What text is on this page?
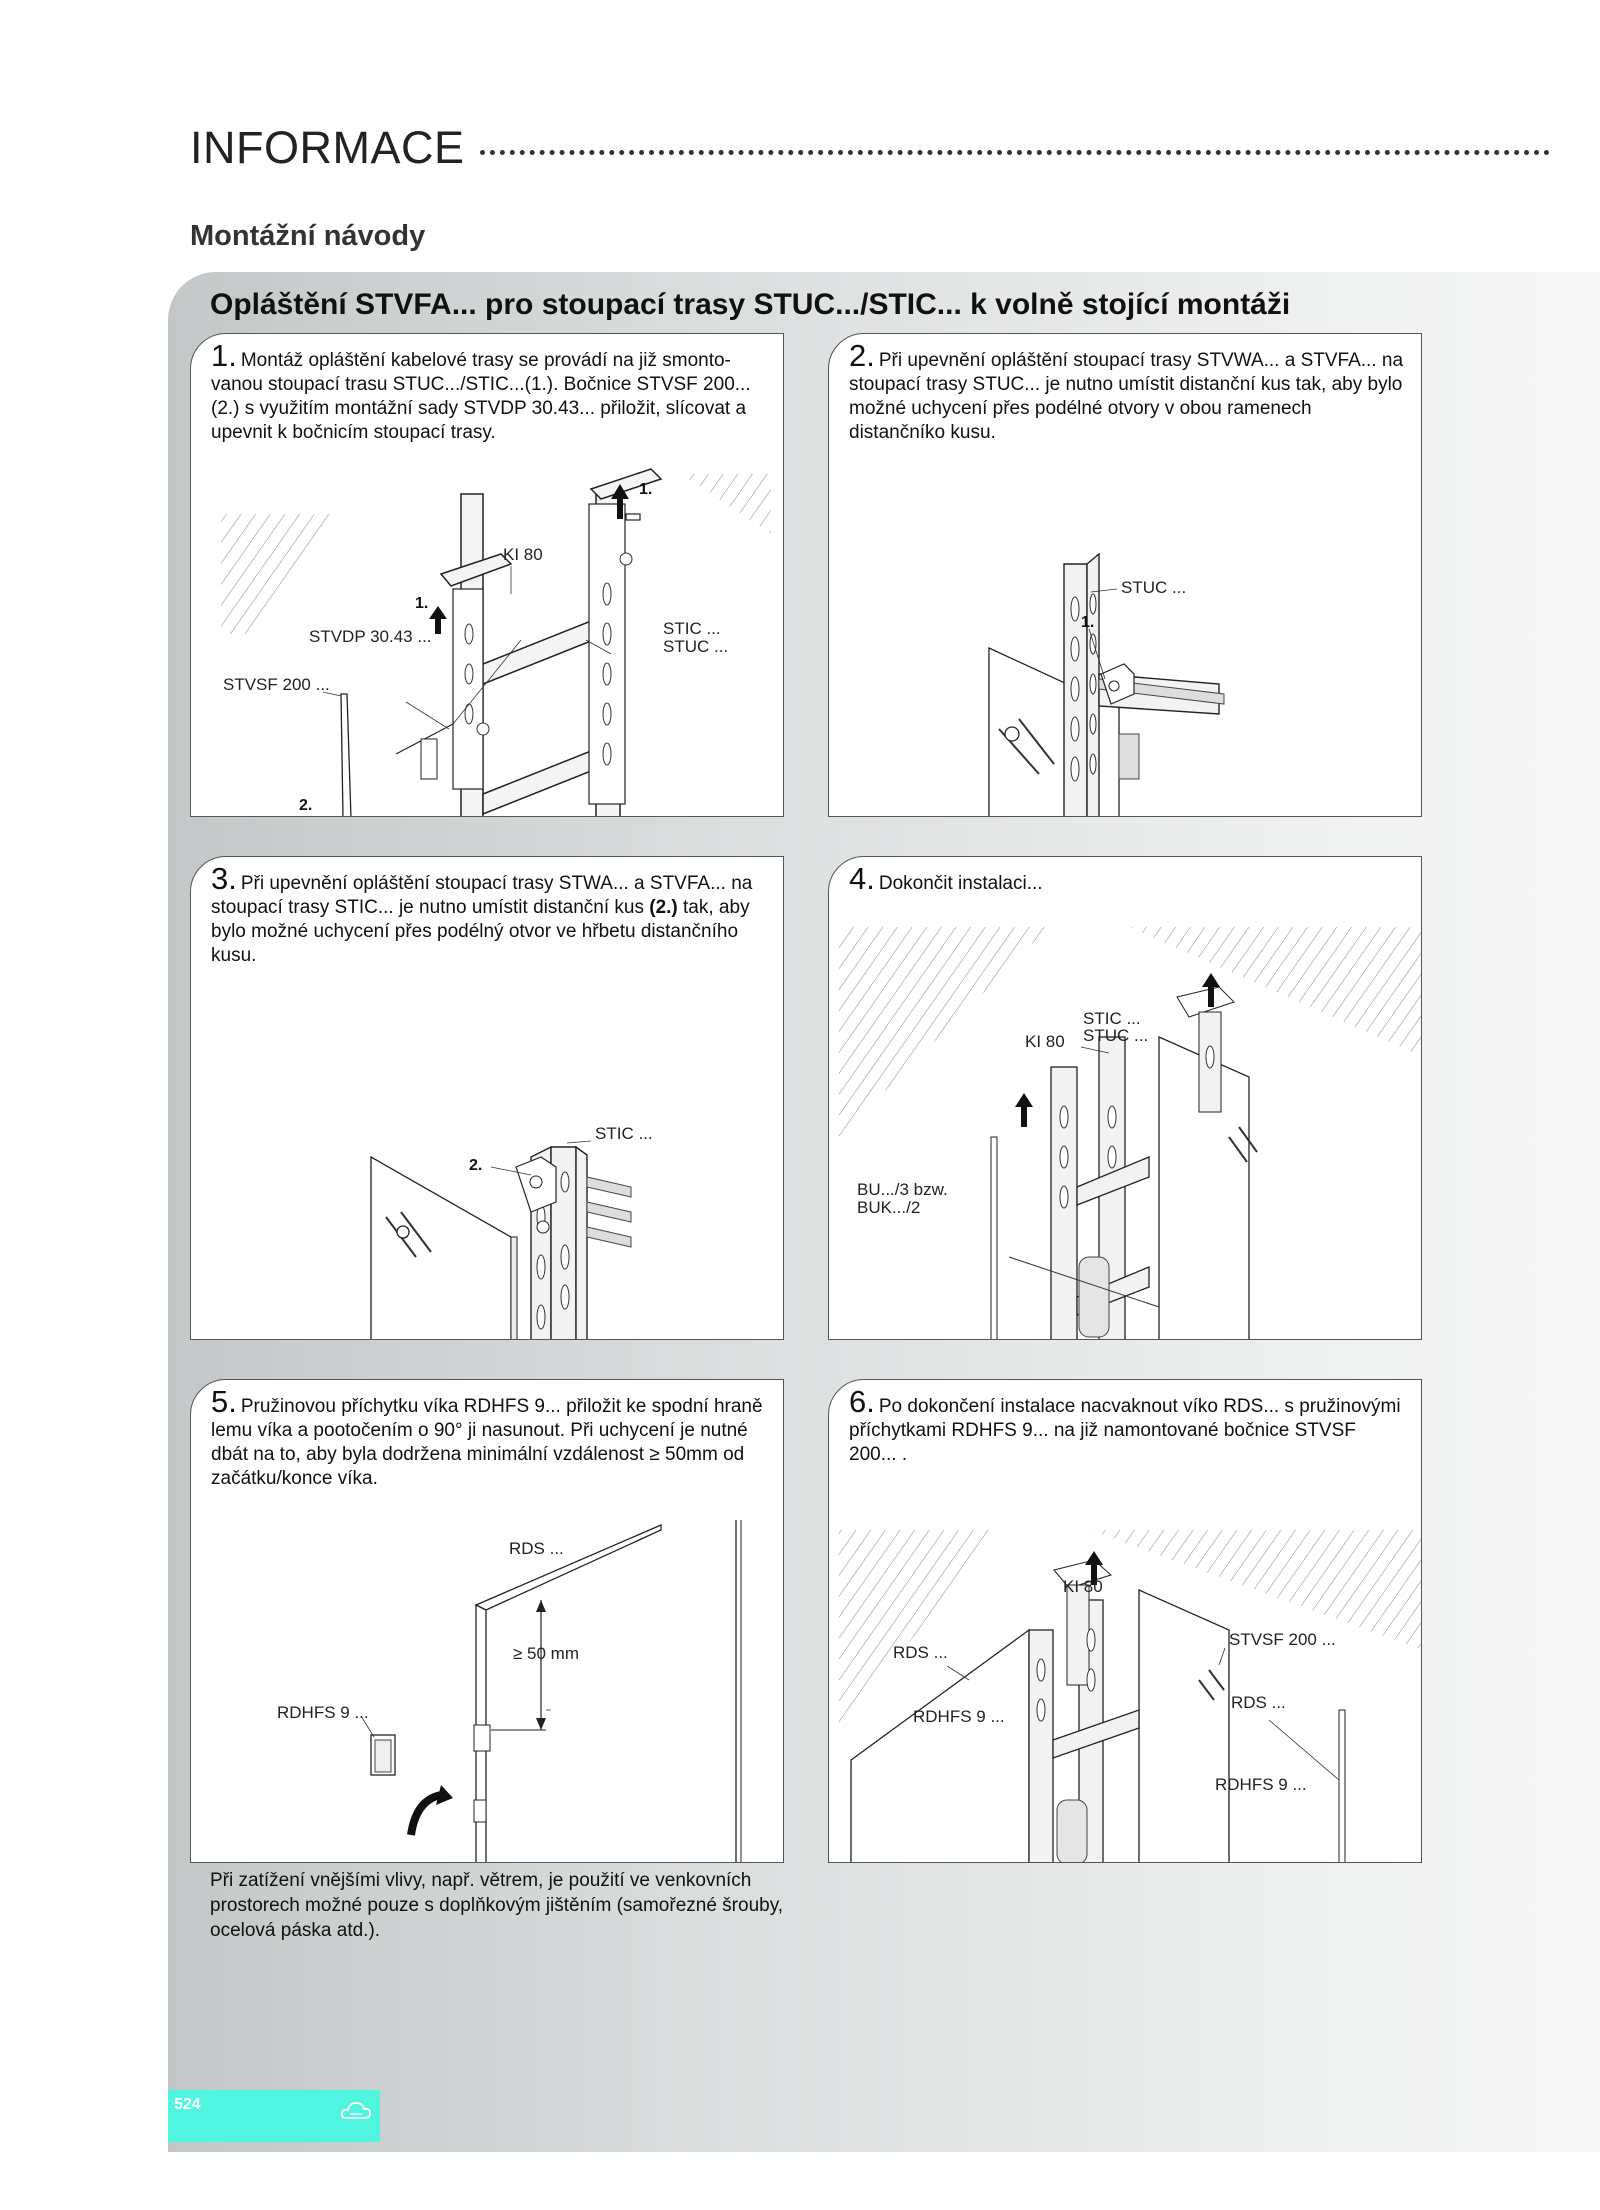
INFORMACE
Montážní návody
Opláštění STVFA... pro stoupací trasy STUC.../STIC... k volně stojící montáži
1.
KI 80
1.
STVDP 30.43 ...	STIC ...
STUC ...
STVSF 200 ...
2.
1. Montáž opláštění kabelové trasy se provádí na již smonto-vanou stoupací trasu STUC.../STIC...(1.). Bočnice STVSF 200... (2.) s využitím montážní sady STVDP 30.43... přiložit, slícovat a upevnit k bočnicím stoupací trasy.
STUC ...
1.
2. Při upevnění opláštění stoupací trasy STVWA... a STVFA... na stoupací trasy STUC... je nutno umístit distanční kus tak, aby bylo možné uchycení přes podélné otvory v obou ramenech distančníko kusu.
STIC ...
2.
3. Při upevnění opláštění stoupací trasy STWA... a STVFA... na stoupací trasy STIC... je nutno umístit distanční kus (2.) tak, aby bylo možné uchycení přes podélný otvor ve hřbetu distančního kusu.
STIC ...
STUC ...
KI 80
BU.../3 bzw.
BUK.../2
4. Dokončit instalaci...
RDS ...
≥ 50 mm
RDHFS 9 ...
5. Pružinovou příchytku víka RDHFS 9... přiložit ke spodní hraně lemu víka a pootočením o 90° ji nasunout. Při uchycení je nutné dbát na to, aby byla dodržena minimální vzdálenost ≥ 50mm od začátku/konce víka.
KI 80
STVSF 200 ...
RDS ...
RDS ...
RDHFS 9 ...
RDHFS 9 ...
6. Po dokončení instalace nacvaknout víko RDS... s pružinovými příchytkami RDHFS 9... na již namontované bočnice STVSF 200... .
Při zatížení vnějšími vlivy, např. větrem, je použití ve venkovních prostorech možné pouze s doplňkovým jištěním (samořezné šrouby, ocelová páska atd.).
524
